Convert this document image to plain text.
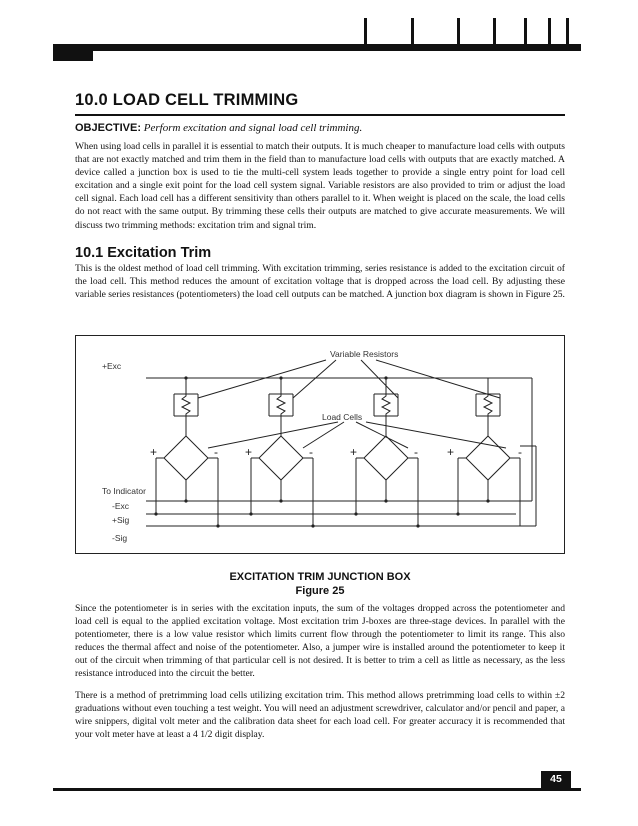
10.0 LOAD CELL TRIMMING
OBJECTIVE: Perform excitation and signal load cell trimming.

When using load cells in parallel it is essential to match their outputs. It is much cheaper to manufacture load cells with outputs that are not exactly matched and trim them in the field than to manufacture load cells with outputs that are exactly matched. A device called a junction box is used to tie the multi-cell system leads together to provide a single entry point for load cell excitation and a single exit point for the load cell system signal. Variable resistors are also provided to trim or adjust the load cell signal. Each load cell has a different sensitivity than others parallel to it. When weight is placed on the scale, the load cells do not react with the same output. By trimming these cells their outputs are matched to give accurate measurements. We will discuss two trimming methods: excitation trim and signal trim.

10.1 Excitation Trim

This is the oldest method of load cell trimming. With excitation trimming, series resistance is added to the excitation circuit of the load cell. This method reduces the amount of excitation voltage that is dropped across the load cell. By adjusting these variable series resistances (potentiometers) the load cell outputs can be matched. A junction box diagram is shown in Figure 25.

+Exc
Variable Resistors
Load Cells
To Indicator
-Exc
+Sig
-Sig
+	- +	-	+	- +	-
EXCITATION TRIM JUNCTION BOX
Figure 25

Since the potentiometer is in series with the excitation inputs, the sum of the voltages dropped across the potentiometer and load cell is equal to the applied excitation voltage. Most excitation trim J-boxes are three-stage devices. In parallel with the potentiometer, there is a low value resistor which limits current flow through the potentiometer to limit its range. This also reduces the thermal affect and noise of the potentiometer. Also, a jumper wire is installed around the potentiometer to keep it out of the circuit when trimming of that particular cell is not desired. It is better to trim a cell as little as necessary, as the less resistance introduced into the circuit the better.

There is a method of pretrimming load cells utilizing excitation trim. This method allows pretrimming load cells to within ±2 graduations without even touching a test weight. You will need an adjustment screwdriver, calculator and/or pencil and paper, a wire snippers, digital volt meter and the calibration data sheet for each load cell. For greater accuracy it is recommended that your volt meter have at least a 4 1/2 digit display.

45
